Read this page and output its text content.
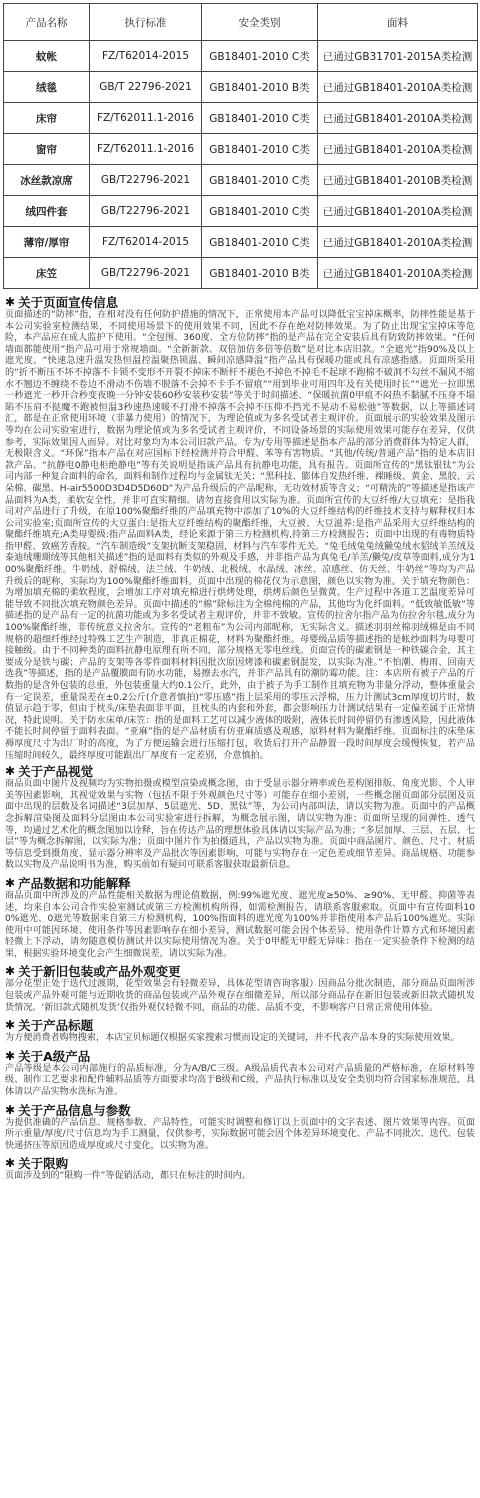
产品名称	执行标准	安全类别	面料
蚊帐	FZ/T62014-2015	GB18401-2010 C类	已通过GB31701-2015A类检测
绒毯	GB/T 22796-2021	GB18401-2010 B类	已通过GB18401-2010A类检测
床帘	FZ/T62011.1-2016	GB18401-2010 C类	已通过GB18401-2010A类检测
窗帘	FZ/T62011.1-2016	GB18401-2010 C类	已通过GB18401-2010A类检测
冰丝款凉席	GB/T22796-2021	GB18401-2010 C类	已通过GB18401-2010B类检测
绒四件套	GB/T22796-2021	GB18401-2010 C类	已通过GB18401-2010A类检测
薄帘/厚帘	FZ/T62014-2015	GB18401-2010 C类	已通过GB18401-2010A类检测
床笠	GB/T22796-2021	GB18401-2010 B类	已通过GB18401-2010A类检测
✱ 关于页面宣传信息

页面描述的“防摔”指，在相对没有任何防护措施的情况下，正常使用本产品可以降低宝宝掉床概率，防摔性能是基于本公司实验室检测结果，不同使用场景下的使用效果不同，因此不存在绝对防摔效果。为了防止出现宝宝掉床等危险，本产品应在成人监护下使用。“全包围、360度、全方位防摔”指的是产品在完全安装后具有防致防摔效果。“任何墙面都能使用”指产品可用于常规墙面。“全新新款、双倍加倍多倍等倍数”是对比本店旧款。“全遮光”指90%及以上遮光度。“快速急速升温发热恒温控温聚热锁温、瞬间凉感降温”指产品具有保暖功能或具有凉感指感。页面所采用的“折不断压不坏不掉落不卡锁不变形不开裂不掉床不断杆不褪色不掉色不掉毛不起球不跑棉不破洞不勾丝不漏风不缩水不翘边不缠绕不卷边不滑动不伤墙不脱落不会掉不卡手不留痕”“用到毕业可用四年及有关使用时长”“遮光一拉即黑一秒遮光一秒开合秒变夜晚一分钟安装60秒安装秒安装”等关于时间描述、“保暖抗菌0甲痕不闷热不黏腻不压身不塌陷不压肩不挞魔不跑被恒温3秒速热速暖不打滑不掉落不会掉不压抑不挡光不晃动不易松弛”等数据，以上等描述词汇，都是在正常使用环境（非暴力使用）的情况下，为理论值或为多名受试者主观评价。页面展示的实验效果及图示等均在公司实验室进行，数据为理论值或为多名受试者主观评价，不同设备场景的实际使用效果可能存在差异，仅供参考，实际效果因人而异。对比对象均为本公司旧款产品。专为/专用等描述是指本产品的部分消费群体为特定人群，无极限含义。“环保”指本产品在对应国标下经检测并符合甲醛、苯等有害物质。“其他/传统/普通产品”指的是本店旧款产品。“抗静电0静电柜绝静电”等有关说明是指该产品具有抗静电功能，具有报告。页面所宣传的“黑钛银钛”为公司内部一种复合面料的命名，面料和制作过程均与金属钛无关；“黑科技、膨体自发热纤维、裸睡级、黄金、黑胶、云朵棉、碳黑、H-air5500D3D4D5D60D”为产品升级后的产品昵称，无功效材质等含义；“可精洗的”等描述是指该产品面料为A类，柔软安全性，并非可直实精细。请勿直接食用以实际为准。页面所宣传的大豆纤维/大豆填充：是指我司对产品进行了升级，在原100%聚酯纤维的产品填充物中添加了10%的大豆纤维结构的纤维技术支持与解释权归本公司实验室;页面所宣传的大豆蛋白:是指大豆纤维结构的聚酯纤维，大豆被、大豆滋养:是指产品采用大豆纤维结构的聚酯纤维填充;A类母婴级:指产品面料A类，经论来源于第三方检测机构,持第三方检测报告；页面中出现的有毒物质特指甲醛、致癌芳香胺。“汽车制造级”支架抗断支架稳固，材料与汽车零件无关。“兔毛绒兔兔绒獭兔绒水貂绒羊羔绒及泰迪绒珊瑚绒等其他相关描述”指的是面料有类似的外观及手感，并非指产品为真兔毛/羊羔/獭兔/皮草等面料,成分为100%聚酯纤维。牛奶绒、舒棉绒、法兰绒、牛奶绒、北极绒、水晶绒、冰丝、凉感丝、仿天丝、牛奶丝”等均为产品升级后的昵称，实际均为100%聚酯纤维面料。页面中出现的棉花仅为示意图，颜色以实物为准。关于填充物颜色：为增加填充棉的柔软程度，会增加工序对填充棉进行烘烤处理，烘烤后颜色呈微黄。生产过程中各道工艺温度差异可能导致不同批次填充物颜色差异。页面中描述的“棉”除标注为全棉纯棉的产品，其他均为化纤面料。“低致敏低敏”等描述指的是产品有一定的抗菌功能或为多名受试者主观评价，并非不致敏。宣传的拉舍尔指产品为仿拉舍尔毯,成分为100%聚酯纤维，非传统意义拉舍尔。宣传的“老粗布”为公司内部昵称，无实际含义。描述羽羽丝棉羽绒棉是由不同规格的超细纤维经过特殊工艺生产制造，非真正棉花，材料为聚酯纤维。母婴级品质等描述指的是帐纱面料为母婴可接触级。由于不同种类的面料抗静电原理有所不同，部分规格无零电丝线。页面宣传的碳素钢是一种铁碳合金，其主要成分是铁与碳；产品的支架等各零件面料材料因批次原因烤漆和碳素钢混发，以实际为准。”不怕潮、梅雨、回南天选我”等描述，指的是产品覆膜面有防水功能，易擦去水汽，并非产品具有防潮防霉功能。注：本店所有被子产品的斤数指的是含外包装的总重，外包装重量大约0.1公斤，此外，由于被子为手工制作且填充物为非量分浮动，整体重量会有一定误差，重量误差在±0.2公斤(介意者慎拍)“零压感”指上层采用的零压云浮棉，压力计测试3cm厚度切片时，数值显示趋于零，但由于枕头/床垫表面非平面，且枕头的内套和外套，都会影响压力计测试结果有一定偏差属于正常情况，特此说明。关于防水床单/床笠：指的是面料工艺可以减少液体的吸附，液体长时间停留仍有渗透风险，因此液体不能长时间停留于面料表面。“亚麻”指的是产品材质有仿亚麻质感及观感，原料材料为聚酯纤维。页面标注的床垫床褥厚度尺寸为出厂时的高度，为了方便运输会进行压缩打包，收货后打开产品静置一段时间厚度会缓慢恢复，若产品压缩时间较久，最终厚度可能跟出厂厚度有一定差别，介意慎拍。

✱ 关于产品视觉

商品页面中图片及视频均为实物拍摄或模型渲染或概念图，由于受显示器分辨率或色差构图排版、角度光影、个人审美等因素影响，其视觉效果与实物（包括不限于外观颜色尺寸等）可能存在细小差别，一些概念图页面部分层图及页面中出现的层数及名词描述“3层加厚、5层遮光、5D、黑钛”等，为公司内部叫法，请以实物为准。页面中的产品概念拆解渲染图及面料分层图由本公司实验室进行拆解，为概念展示图，请以实物为准；页面所呈现的回弹性、透气等，均通过艺术化的概念图加以诠释，旨在传达产品的理想体验具体请以实际产品为准；“多层加厚、三层、五层、七层”等为概念拆解图，以实际为准；页面中图片作为拍摄道具，产品以实物为准。页面中商品图片、颜色、尺寸、材质等信息受到摄角度、显示器分辨率及产品批次等因素影响，可能与实物存在一定色差或细节差异。商品规格、功能参数以实物及产品说明书为准，购买前如有疑问可联系客服获取最新信息。

✱ 产品数据和功能解释

商品页面中所涉及的产品性能相关数据为理论值数据，例:99%遮光度、遮光度≥50%、≥90%、无甲醛、抑菌等表述，均来自本公司合作实验室测试或第三方检测机构所得，如需检测报告，请联系客服索取。页面中有宣传面料100%遮光、0遮光等数据来自第三方检测机构，100%指面料的遮光度为100%并非指使用本产品后100%遮光。实际使用中可能因环境、使用条件等因素影响存在细小差异，测试数据可能会因个体差异、使用条件计算方式和环境因素轻微上下浮动，请勿随意模仿测试并以实际使用情况为准。关于0甲醛无甲醛无异味：指在一定实验条件下检测的结果，根据实验环境变化会产生细微误差，请以实际为准。

✱ 关于新旧包装或产品外观变更

部分花型正处于迭代过渡期，花型效果会有轻微差异，具体花型请咨询客服）因商品分批次制造，部分商品页面所涉包装或产品外观可能与近期收货的商品包装或产品外观存在细微差异，所以部分商品存在新旧包装或新旧款式随机发货情况。‘新旧款式随机发货’仅指外观仅轻微不同，商品的功能、品质不变，不影响客户日常正常使用体验。

✱ 关于产品标题

为方便消费者购物搜索，本店宝贝标题仅根据买家搜索习惯而设定的关键词，并不代表产品本身的实际使用效果。

✱ 关于A级产品

产品等级是本公司内部施行的品质标准，分为A/B/C三级。A级品质代表本公司对产品质量的严格标准，在原材料等级、制作工艺要求和配件辅料品质等方面要求均高于B级和C级，产品执行标准以及安全类别均符合国家标准规范，具体请以产品实物水洗标为准。

✱ 关于产品信息与参数

为提供准确的产品信息、规格参数、产品特性，可能实时调整和修订以上页面中的文字表述、图片效果等内容。页面所示重量/厚度/尺寸信息均为手工测量，仅供参考，实际数据可能会因个体差异环境变化、产品不同批次、迭代、包装快递挤压等原因造成厚度或尺寸变化，以实物为准。

✱ 关于限购

页面涉及到的“限购一件”等促销活动，都只在标注的时间内。
